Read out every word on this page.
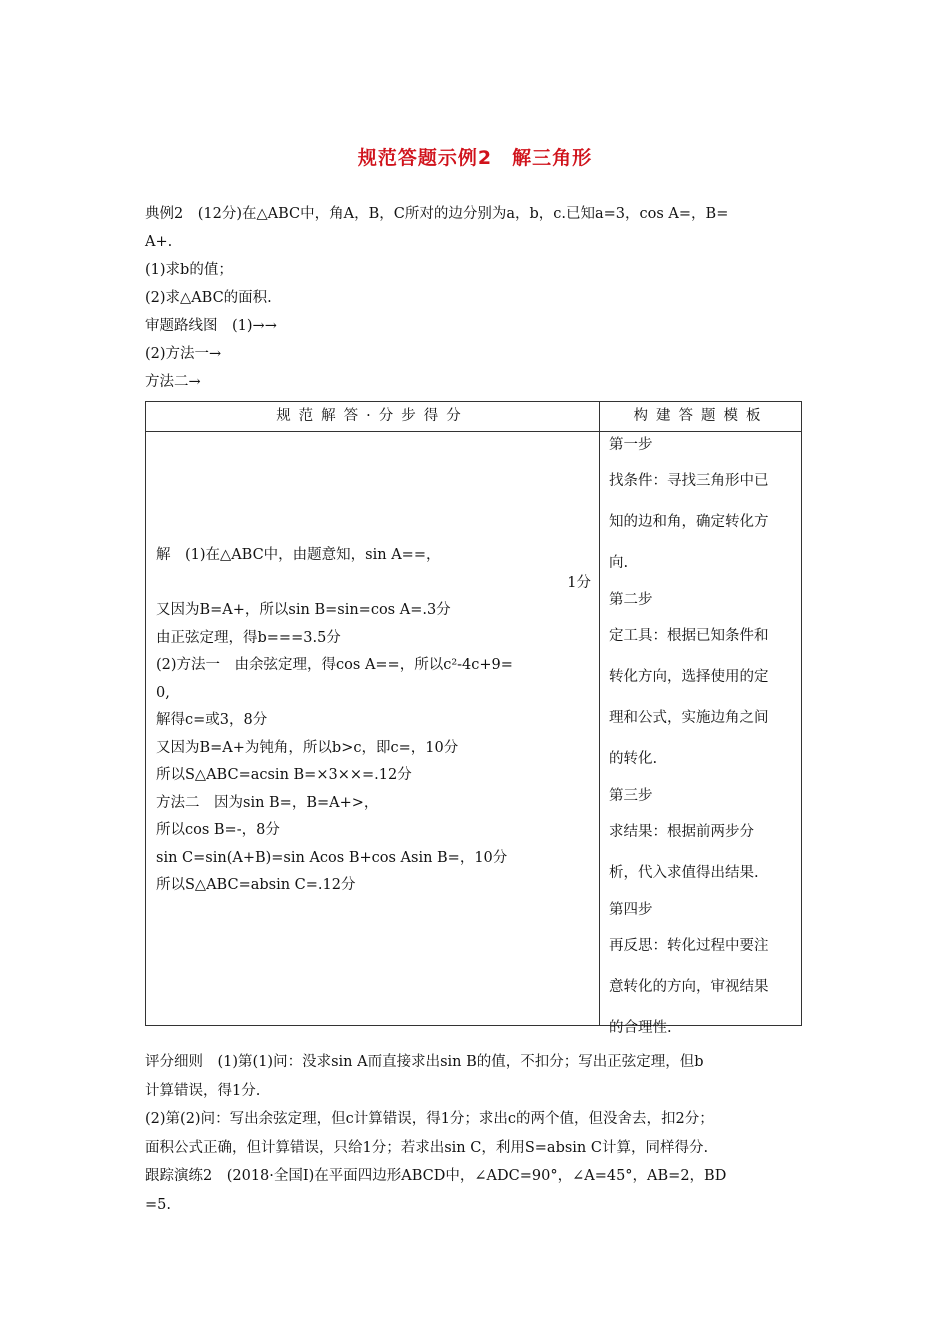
规范答题示例2　解三角形
典例2　(12分)在△ABC中，角A，B，C所对的边分别为a，b，c.已知a=3，cos A=，B=
A+.
(1)求b的值；
(2)求△ABC的面积.
审题路线图　(1)→→
(2)方法一→
方法二→
规范解答·分步得分	构建答题模板
解　(1)在△ABC中，由题意知，sin A==，
1分
又因为B=A+，所以sin B=sin=cos A=.3分
由正弦定理，得b===3.5分
(2)方法一　由余弦定理，得cos A==，所以c²-4c+9=
0,
解得c=或3，8分
又因为B=A+为钝角，所以b>c，即c=，10分
所以S△ABC=acsin B=×3××=.12分
方法二　因为sin B=，B=A+>，
所以cos B=-，8分
sin C=sin(A+B)=sin Acos B+cos Asin B=，10分
所以S△ABC=absin C=.12分
第一步
找条件：寻找三角形中已
知的边和角，确定转化方
向.
第二步
定工具：根据已知条件和
转化方向，选择使用的定
理和公式，实施边角之间
的转化.
第三步
求结果：根据前两步分
析，代入求值得出结果.
第四步
再反思：转化过程中要注
意转化的方向，审视结果
的合理性.
评分细则　(1)第(1)问：没求sin A而直接求出sin B的值，不扣分；写出正弦定理，但b
计算错误，得1分.
(2)第(2)问：写出余弦定理，但c计算错误，得1分；求出c的两个值，但没舍去，扣2分；
面积公式正确，但计算错误，只给1分；若求出sin C，利用S=absin C计算，同样得分.
跟踪演练2　(2018·全国Ⅰ)在平面四边形ABCD中，∠ADC=90°，∠A=45°，AB=2，BD
=5.
